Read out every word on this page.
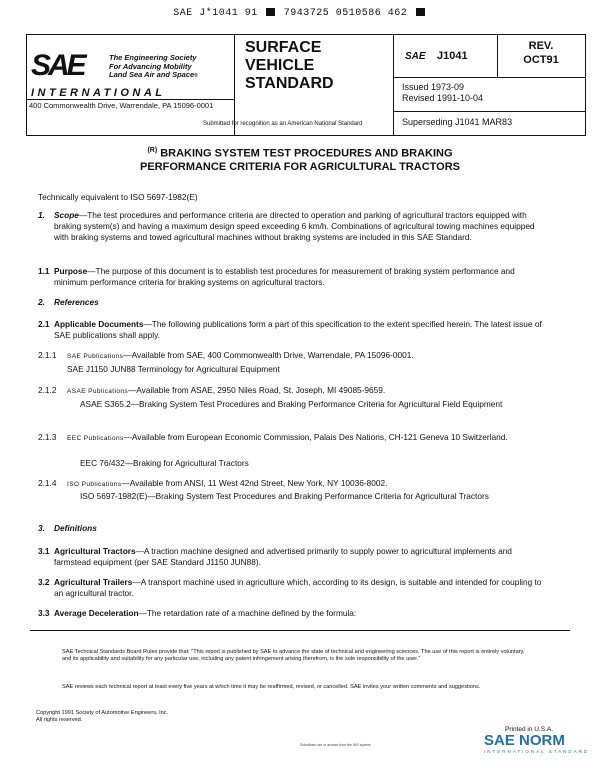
SAE J*1041 91	7943725 0510586 462
SAE	The Engineering Society
For Advancing Mobility
Land Sea Air and Space®
INTERNATIONAL
400 Commonwealth Drive, Warrendale, PA 15096-0001
Submitted for recognition as an American National Standard
SURFACE
VEHICLE
STANDARD
SAE J1041
REV.
OCT91
Issued 1973-09
Revised 1991-10-04
Superseding J1041 MAR83
$^{(R)}$ BRAKING SYSTEM TEST PROCEDURES AND BRAKING
PERFORMANCE CRITERIA FOR AGRICULTURAL TRACTORS
Technically equivalent to ISO 5697-1982(E)
1. Scope—The test procedures and performance criteria are directed to operation and parking of agricultural tractors equipped with braking system(s) and having a maximum design speed exceeding 6 km/h. Combinations of agricultural towing machines equipped with braking systems and towed agricultural machines without braking systems are included in this SAE Standard.
1.1 Purpose—The purpose of this document is to establish test procedures for measurement of braking system performance and minimum performance criteria for braking systems on agricultural tractors.
2. References
2.1 Applicable Documents—The following publications form a part of this specification to the extent specified herein. The latest issue of SAE publications shall apply.
2.1.1 SAE Publications—Available from SAE, 400 Commonwealth Drive, Warrendale, PA 15096-0001.
SAE J1150 JUN88 Terminology for Agricultural Equipment
2.1.2 ASAE Publications—Available from ASAE, 2950 Niles Road, St. Joseph, MI 49085-9659.
ASAE S365.2—Braking System Test Procedures and Braking Performance Criteria for Agricultural Field Equipment
2.1.3 EEC Publications—Available from European Economic Commission, Palais Des Nations, CH-121 Geneva 10 Switzerland.
EEC 76/432—Braking for Agricultural Tractors
2.1.4 ISO Publications—Available from ANSI, 11 West 42nd Street, New York, NY 10036-8002.
ISO 5697-1982(E)—Braking System Test Procedures and Braking Performance Criteria for Agricultural Tractors
3. Definitions
3.1 Agricultural Tractors—A traction machine designed and advertised primarily to supply power to agricultural implements and farmstead equipment (per SAE Standard J1150 JUN88).
3.2 Agricultural Trailers—A transport machine used in agriculture which, according to its design, is suitable and intended for coupling to an agricultural tractor.
3.3 Average Deceleration—The retardation rate of a machine defined by the formula:
SAE Technical Standards Board Rules provide that: "This report is published by SAE to advance the state of technical and engineering sciences. The use of this report is entirely voluntary, and its applicability and suitability for any particular use, including any patent infringement arising therefrom, is the sole responsibility of the user."
SAE reviews each technical report at least every five years at which time it may be reaffirmed, revised, or cancelled. SAE invites your written comments and suggestions.
Copyright 1991 Society of Automotive Engineers, Inc.
All rights reserved.
Printed in U.S.A.
Substitute use or access from the IHS system	SAE NORM
INTERNATIONAL STANDARD
